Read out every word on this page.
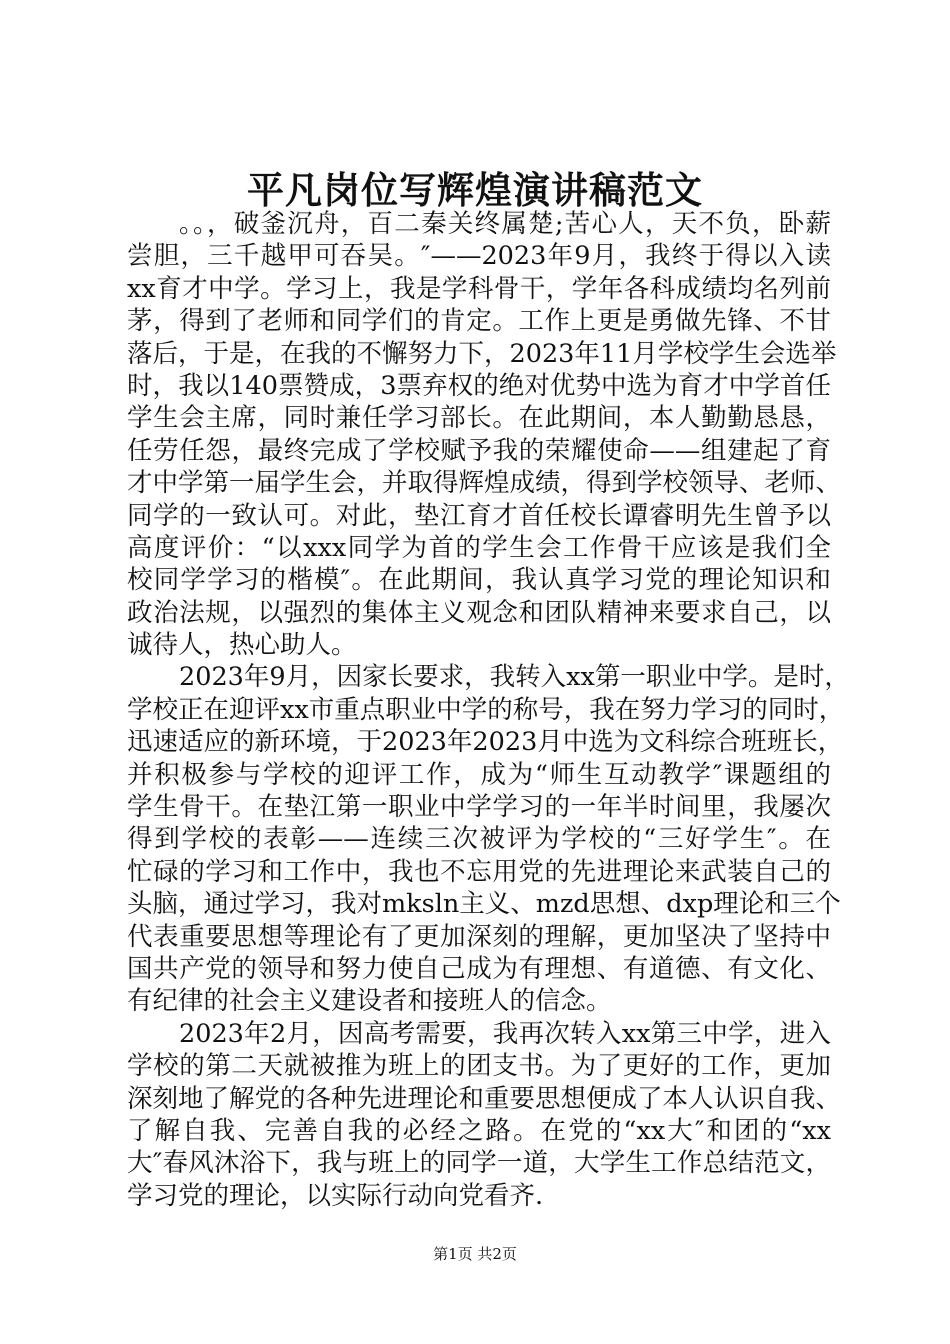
平凡岗位写辉煌演讲稿范文
。。，破釜沉舟，百二秦关终属楚;苦心人，天不负，卧薪
尝胆，三千越甲可吞吴。″——2023年9月，我终于得以入读
xx育才中学。学习上，我是学科骨干，学年各科成绩均名列前
茅，得到了老师和同学们的肯定。工作上更是勇做先锋、不甘
落后，于是，在我的不懈努力下，2023年11月学校学生会选举
时，我以140票赞成，3票弃权的绝对优势中选为育才中学首任
学生会主席，同时兼任学习部长。在此期间，本人勤勤恳恳，
任劳任怨，最终完成了学校赋予我的荣耀使命——组建起了育
才中学第一届学生会，并取得辉煌成绩，得到学校领导、老师、
同学的一致认可。对此，垫江育才首任校长谭睿明先生曾予以
高度评价：“以xxx同学为首的学生会工作骨干应该是我们全
校同学学习的楷模″。在此期间，我认真学习党的理论知识和
政治法规，以强烈的集体主义观念和团队精神来要求自己，以
诚待人，热心助人。
2023年9月，因家长要求，我转入xx第一职业中学。是时，
学校正在迎评xx市重点职业中学的称号，我在努力学习的同时，
迅速适应的新环境，于2023年2023月中选为文科综合班班长，
并积极参与学校的迎评工作，成为“师生互动教学″课题组的
学生骨干。在垫江第一职业中学学习的一年半时间里，我屡次
得到学校的表彰——连续三次被评为学校的“三好学生″。在
忙碌的学习和工作中，我也不忘用党的先进理论来武装自己的
头脑，通过学习，我对mksln主义、mzd思想、dxp理论和三个
代表重要思想等理论有了更加深刻的理解，更加坚决了坚持中
国共产党的领导和努力使自己成为有理想、有道德、有文化、
有纪律的社会主义建设者和接班人的信念。
2023年2月，因高考需要，我再次转入xx第三中学，进入
学校的第二天就被推为班上的团支书。为了更好的工作，更加
深刻地了解党的各种先进理论和重要思想便成了本人认识自我、
了解自我、完善自我的必经之路。在党的“xx大″和团的“xx
大″春风沐浴下，我与班上的同学一道，大学生工作总结范文，
学习党的理论，以实际行动向党看齐.
第1页 共2页
